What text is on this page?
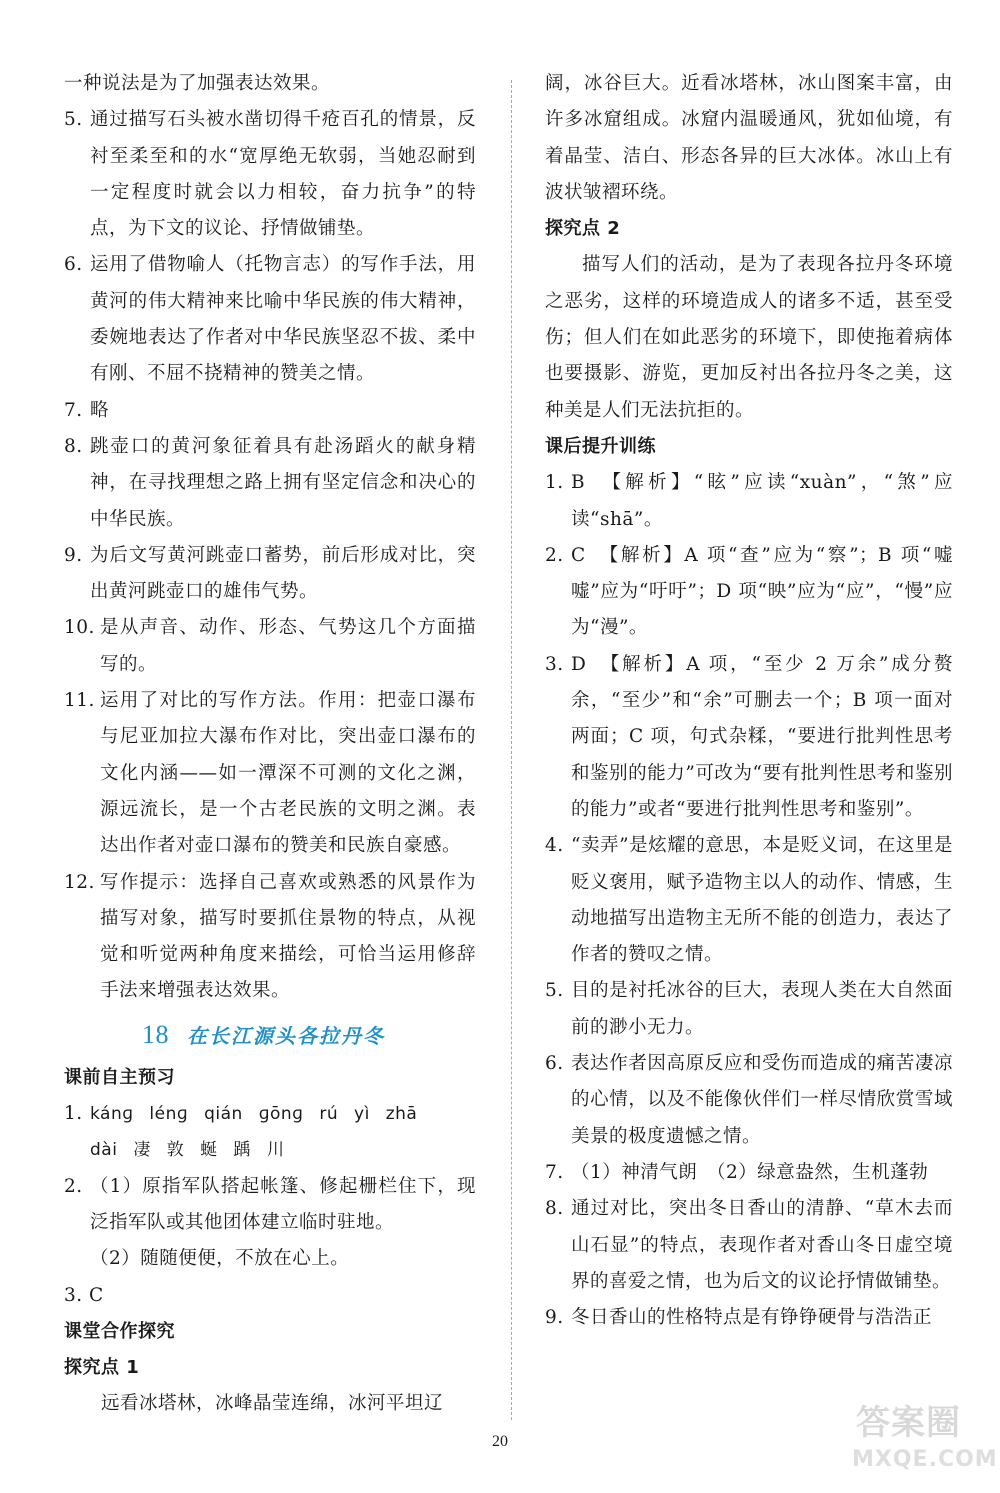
一种说法是为了加强表达效果。
5. 通过描写石头被水凿切得千疮百孔的情景，反衬至柔至和的水“宽厚绝无软弱，当她忍耐到一定程度时就会以力相较，奋力抗争”的特点，为下文的议论、抒情做铺垫。
6. 运用了借物喻人（托物言志）的写作手法，用黄河的伟大精神来比喻中华民族的伟大精神，委婉地表达了作者对中华民族坚忍不拔、柔中有刚、不屈不挠精神的赞美之情。
7. 略
8. 跳壶口的黄河象征着具有赴汤蹈火的献身精神，在寻找理想之路上拥有坚定信念和决心的中华民族。
9. 为后文写黄河跳壶口蓄势，前后形成对比，突出黄河跳壶口的雄伟气势。
10. 是从声音、动作、形态、气势这几个方面描写的。
11. 运用了对比的写作方法。作用：把壶口瀑布与尼亚加拉大瀑布作对比，突出壶口瀑布的文化内涵——如一潭深不可测的文化之渊，源远流长，是一个古老民族的文明之渊。表达出作者对壶口瀑布的赞美和民族自豪感。
12. 写作提示：选择自己喜欢或熟悉的风景作为描写对象，描写时要抓住景物的特点，从视觉和听觉两种角度来描绘，可恰当运用修辞手法来增强表达效果。
18 在长江源头各拉丹冬
课前自主预习
1. kánɡ lénɡ qián ɡōnɡ rú yì zhā
dài 凄 敦 蜒 踽 川
2. （1）原指军队搭起帐篷、修起栅栏住下，现泛指军队或其他团体建立临时驻地。
（2）随随便便，不放在心上。
3. C
课堂合作探究
探究点 1
远看冰塔林，冰峰晶莹连绵，冰河平坦辽
阔，冰谷巨大。近看冰塔林，冰山图案丰富，由许多冰窟组成。冰窟内温暖通风，犹如仙境，有着晶莹、洁白、形态各异的巨大冰体。冰山上有波状皱褶环绕。
探究点 2
描写人们的活动，是为了表现各拉丹冬环境之恶劣，这样的环境造成人的诸多不适，甚至受伤；但人们在如此恶劣的环境下，即使拖着病体也要摄影、游览，更加反衬出各拉丹冬之美，这种美是人们无法抗拒的。
课后提升训练
1. B　【解析】“眩”应读“xuàn”，“煞”应读“shā”。
2. C　【解析】A 项“查”应为“察”；B 项“嘘嘘”应为“吁吁”；D 项“映”应为“应”，“慢”应为“漫”。
3. D　【解析】A 项，“至少 2 万余”成分赘余，“至少”和“余”可删去一个；B 项一面对两面；C 项，句式杂糅，“要进行批判性思考和鉴别的能力”可改为“要有批判性思考和鉴别的能力”或者“要进行批判性思考和鉴别”。
4. “卖弄”是炫耀的意思，本是贬义词，在这里是贬义褒用，赋予造物主以人的动作、情感，生动地描写出造物主无所不能的创造力，表达了作者的赞叹之情。
5. 目的是衬托冰谷的巨大，表现人类在大自然面前的渺小无力。
6. 表达作者因高原反应和受伤而造成的痛苦凄凉的心情，以及不能像伙伴们一样尽情欣赏雪域美景的极度遗憾之情。
7. （1）神清气朗　（2）绿意盎然，生机蓬勃
8. 通过对比，突出冬日香山的清静、“草木去而山石显”的特点，表现作者对香山冬日虚空境界的喜爱之情，也为后文的议论抒情做铺垫。
9. 冬日香山的性格特点是有铮铮硬骨与浩浩正
20	答案圈
MXQE.COM
